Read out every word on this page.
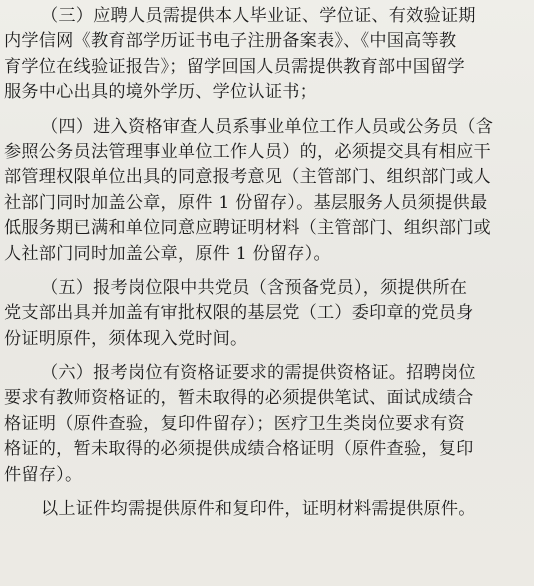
（三）应聘人员需提供本人毕业证、学位证、有效验证期
内学信网《教育部学历证书电子注册备案表》、《中国高等教
育学位在线验证报告》；留学回国人员需提供教育部中国留学
服务中心出具的境外学历、学位认证书；
（四）进入资格审查人员系事业单位工作人员或公务员（含
参照公务员法管理事业单位工作人员）的，必须提交具有相应干
部管理权限单位出具的同意报考意见（主管部门、组织部门或人
社部门同时加盖公章，原件 1 份留存）。基层服务人员须提供最
低服务期已满和单位同意应聘证明材料（主管部门、组织部门或
人社部门同时加盖公章，原件 1 份留存）。
（五）报考岗位限中共党员（含预备党员），须提供所在
党支部出具并加盖有审批权限的基层党（工）委印章的党员身
份证明原件，须体现入党时间。
（六）报考岗位有资格证要求的需提供资格证。招聘岗位
要求有教师资格证的，暂未取得的必须提供笔试、面试成绩合
格证明（原件查验，复印件留存）；医疗卫生类岗位要求有资
格证的，暂未取得的必须提供成绩合格证明（原件查验，复印
件留存）。
以上证件均需提供原件和复印件，证明材料需提供原件。
